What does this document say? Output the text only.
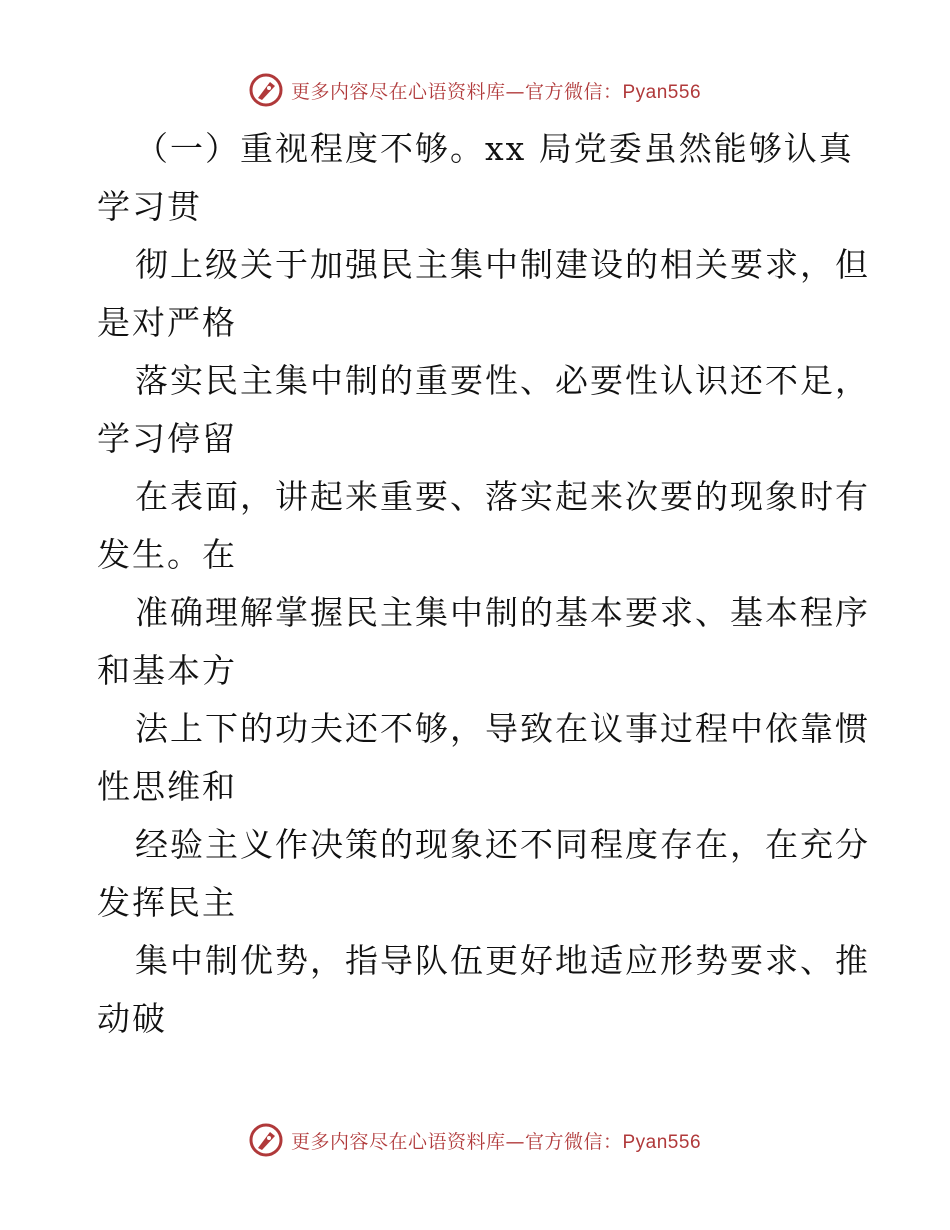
更多内容尽在心语资料库—官方微信：Pyan556
（一）重视程度不够。xx 局党委虽然能够认真
学习贯
彻上级关于加强民主集中制建设的相关要求，但
是对严格
落实民主集中制的重要性、必要性认识还不足，
学习停留
在表面，讲起来重要、落实起来次要的现象时有
发生。在
准确理解掌握民主集中制的基本要求、基本程序
和基本方
法上下的功夫还不够，导致在议事过程中依靠惯
性思维和
经验主义作决策的现象还不同程度存在，在充分
发挥民主
集中制优势，指导队伍更好地适应形势要求、推
动破
更多内容尽在心语资料库—官方微信：Pyan556
